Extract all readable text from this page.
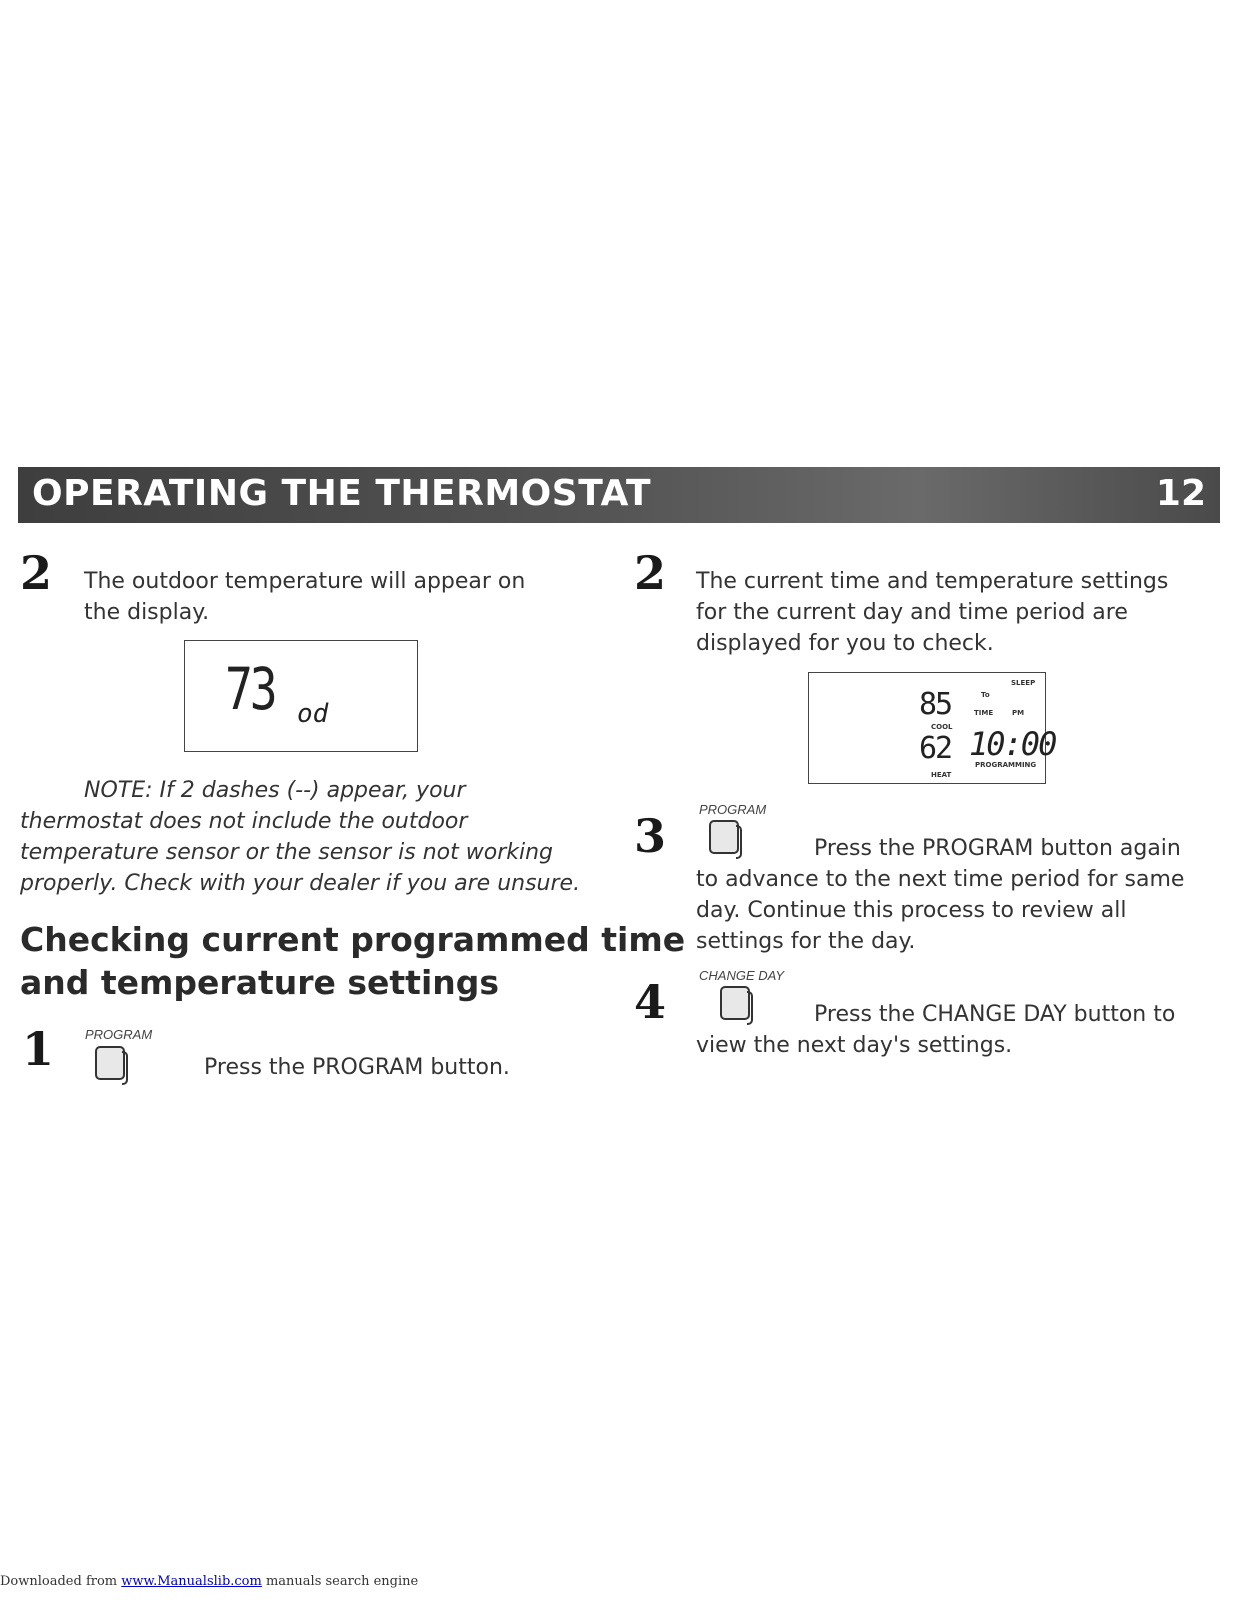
OPERATING THE THERMOSTAT	12
2 The outdoor temperature will appear on

the display.

73 od

NOTE: If 2 dashes (--) appear, your

thermostat does not include the outdoor

temperature sensor or the sensor is not working

properly. Check with your dealer if you are unsure.

Checking current programmed time
and temperature settings
1 PROGRAM

Press the PROGRAM button.

2 The current time and temperature settings

for the current day and time period are

displayed for you to check.

SLEEP
To
85	TIME	PM
COOL
62 10:00
PROGRAMMING
HEAT
PROGRAM
3	Press the PROGRAM button again

to advance to the next time period for same

day. Continue this process to review all

settings for the day.

CHANGE DAY
4	Press the CHANGE DAY button to

view the next day's settings.

Downloaded from www.Manualslib.com manuals search engine
